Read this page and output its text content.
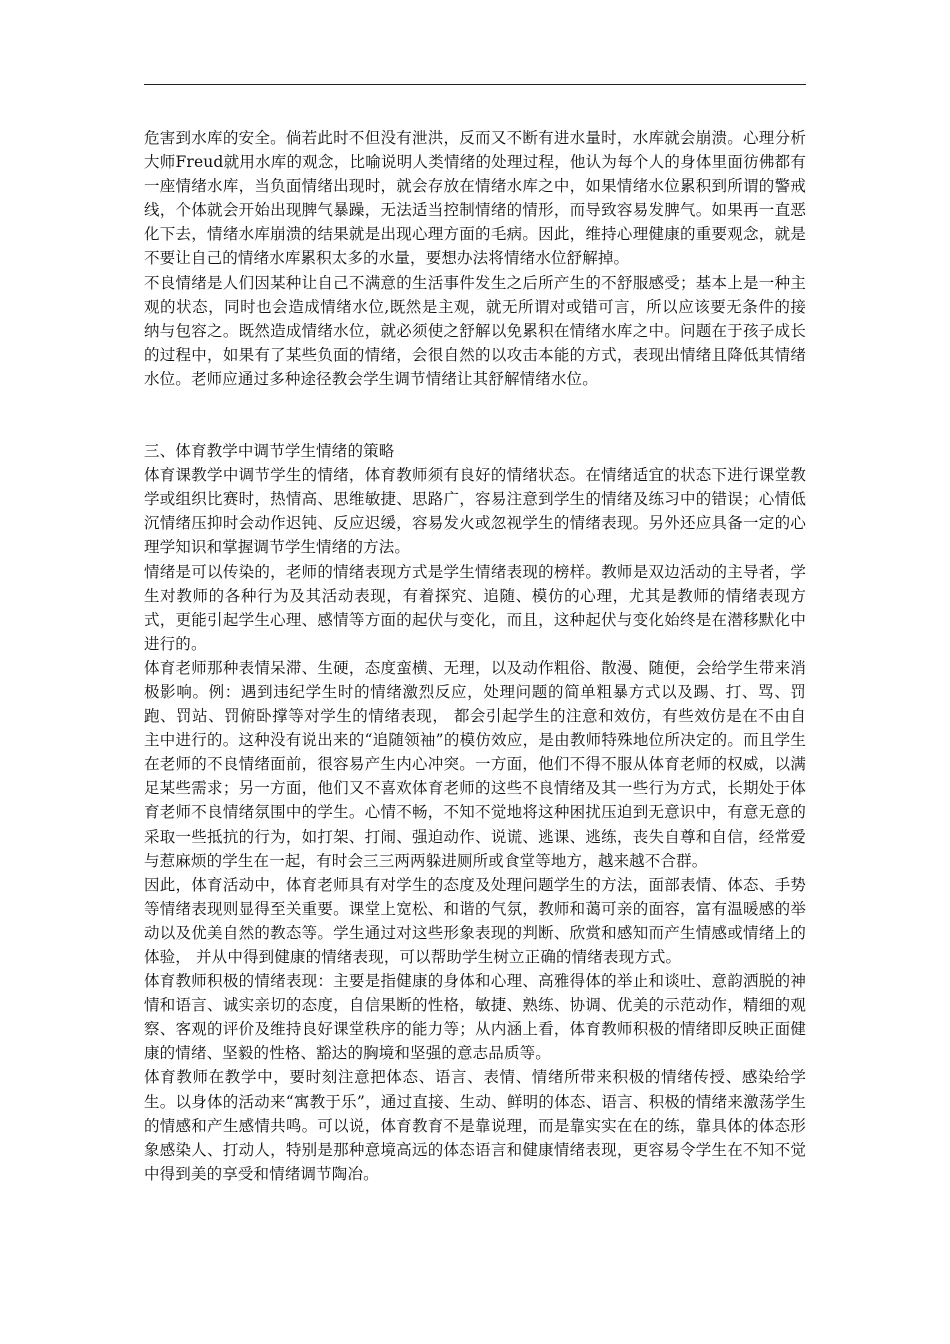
危害到水库的安全。倘若此时不但没有泄洪，反而又不断有进水量时，水库就会崩溃。心理分析大师Freud就用水库的观念，比喻说明人类情绪的处理过程，他认为每个人的身体里面彷佛都有一座情绪水库，当负面情绪出现时，就会存放在情绪水库之中，如果情绪水位累积到所谓的警戒线，个体就会开始出现脾气暴躁，无法适当控制情绪的情形，而导致容易发脾气。如果再一直恶化下去，情绪水库崩溃的结果就是出现心理方面的毛病。因此，维持心理健康的重要观念，就是不要让自己的情绪水库累积太多的水量，要想办法将情绪水位舒解掉。

不良情绪是人们因某种让自己不满意的生活事件发生之后所产生的不舒服感受；基本上是一种主观的状态，同时也会造成情绪水位,既然是主观，就无所谓对或错可言，所以应该要无条件的接纳与包容之。既然造成情绪水位，就必须使之舒解以免累积在情绪水库之中。问题在于孩子成长的过程中，如果有了某些负面的情绪，会很自然的以攻击本能的方式，表现出情绪且降低其情绪水位。老师应通过多种途径教会学生调节情绪让其舒解情绪水位。

三、体育教学中调节学生情绪的策略

体育课教学中调节学生的情绪，体育教师须有良好的情绪状态。在情绪适宜的状态下进行课堂教学或组织比赛时，热情高、思维敏捷、思路广，容易注意到学生的情绪及练习中的错误；心情低沉情绪压抑时会动作迟钝、反应迟缓，容易发火或忽视学生的情绪表现。另外还应具备一定的心理学知识和掌握调节学生情绪的方法。

情绪是可以传染的，老师的情绪表现方式是学生情绪表现的榜样。教师是双边活动的主导者，学生对教师的各种行为及其活动表现，有着探究、追随、模仿的心理，尤其是教师的情绪表现方式，更能引起学生心理、感情等方面的起伏与变化，而且，这种起伏与变化始终是在潜移默化中进行的。

体育老师那种表情呆滞、生硬，态度蛮横、无理，以及动作粗俗、散漫、随便，会给学生带来消极影响。例：遇到违纪学生时的情绪激烈反应，处理问题的简单粗暴方式以及踢、打、骂、罚跑、罚站、罚俯卧撑等对学生的情绪表现， 都会引起学生的注意和效仿，有些效仿是在不由自主中进行的。这种没有说出来的“追随领袖”的模仿效应，是由教师特殊地位所决定的。而且学生在老师的不良情绪面前，很容易产生内心冲突。一方面，他们不得不服从体育老师的权威，以满足某些需求；另一方面，他们又不喜欢体育老师的这些不良情绪及其一些行为方式，长期处于体育老师不良情绪氛围中的学生。心情不畅，不知不觉地将这种困扰压迫到无意识中，有意无意的采取一些抵抗的行为，如打架、打闹、强迫动作、说谎、逃课、逃练，丧失自尊和自信，经常爱与惹麻烦的学生在一起，有时会三三两两躲进厕所或食堂等地方，越来越不合群。

因此，体育活动中，体育老师具有对学生的态度及处理问题学生的方法，面部表情、体态、手势等情绪表现则显得至关重要。课堂上宽松、和谐的气氛，教师和蔼可亲的面容，富有温暖感的举动以及优美自然的教态等。学生通过对这些形象表现的判断、欣赏和感知而产生情感或情绪上的体验， 并从中得到健康的情绪表现，可以帮助学生树立正确的情绪表现方式。

体育教师积极的情绪表现：主要是指健康的身体和心理、高雅得体的举止和谈吐、意韵洒脱的神情和语言、诚实亲切的态度，自信果断的性格，敏捷、熟练、协调、优美的示范动作，精细的观察、客观的评价及维持良好课堂秩序的能力等；从内涵上看，体育教师积极的情绪即反映正面健康的情绪、坚毅的性格、豁达的胸境和坚强的意志品质等。

体育教师在教学中，要时刻注意把体态、语言、表情、情绪所带来积极的情绪传授、感染给学生。以身体的活动来“寓教于乐”，通过直接、生动、鲜明的体态、语言、积极的情绪来激荡学生的情感和产生感情共鸣。可以说，体育教育不是靠说理，而是靠实实在在的练，靠具体的体态形象感染人、打动人，特别是那种意境高远的体态语言和健康情绪表现，更容易令学生在不知不觉中得到美的享受和情绪调节陶冶。
